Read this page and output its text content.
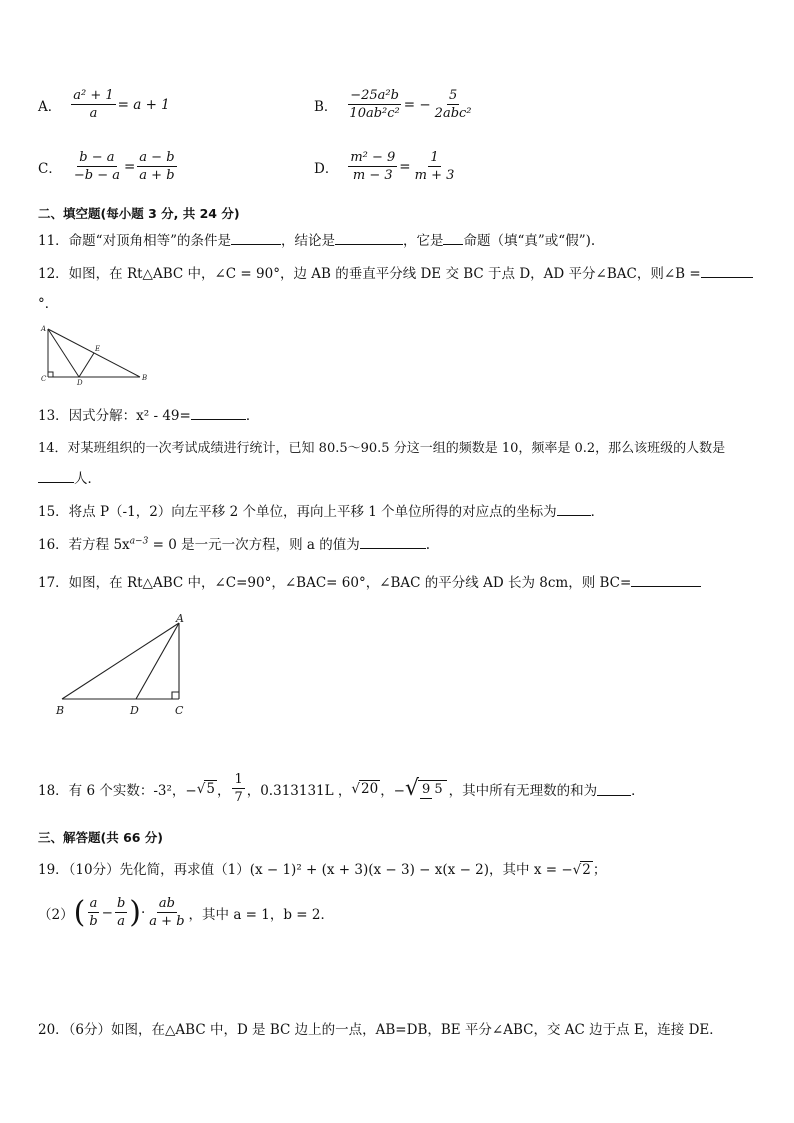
A． $\frac{\text{a² + 1}}{a} = a + 1$	B． $\frac{\text{−25a²b}}{\text{10ab²c²}}$ = − $\frac{5}{\text{2abc²}}$
C． $\frac{b - a}{-b - a} = \frac{a - b}{a + b}$	D． $\frac{\text{m² − 9}}{m - 3} = \frac{1}{m + 3}$
二、填空题(每小题 3 分, 共 24 分)
11．命题“对顶角相等”的条件是	，结论是	，它是 命题（填“真”或“假”).
12．如图，在 Rt△ABC 中，∠C = 90°，边 AB 的垂直平分线 DE 交 BC 于点 D，AD 平分∠BAC，则∠B =
°．
A
C	D
E
B
13．因式分解：x² - 49=	．
14．对某班组织的一次考试成绩进行统计，已知 80.5～90.5 分这一组的频数是 10，频率是 0.2，那么该班级的人数是
人．
15．将点 P（-1，2）向左平移 2 个单位，再向上平移 1 个单位所得的对应点的坐标为	．
16．若方程 $5x^{a-3} = 0$ 是一元一次方程，则 a 的值为	.
17．如图，在 Rt△ABC 中，∠C=90°，∠BAC= 60°，∠BAC 的平分线 AD 长为 8cm，则 BC=
A
B	D	C
18．有 6 个实数：-3²，− √ 5 ， $\frac{1}{7}$ ，0.313131L ， √ 20 ，− √ 9 5 ，其中所有无理数的和为	．
三、解答题(共 66 分)
19．（10分）先化简，再求值（1）(x − 1)² + (x + 3)(x − 3) − x(x − 2)，其中 x = −√2 ；
（2） ( $\frac{a}{b} - \frac{b}{a}$ ) · $\frac{ab}{a + b}$ ，其中 a = 1，b = 2．
20．（6分）如图，在△ABC 中，D 是 BC 边上的一点，AB=DB，BE 平分∠ABC，交 AC 边于点 E，连接 DE．
